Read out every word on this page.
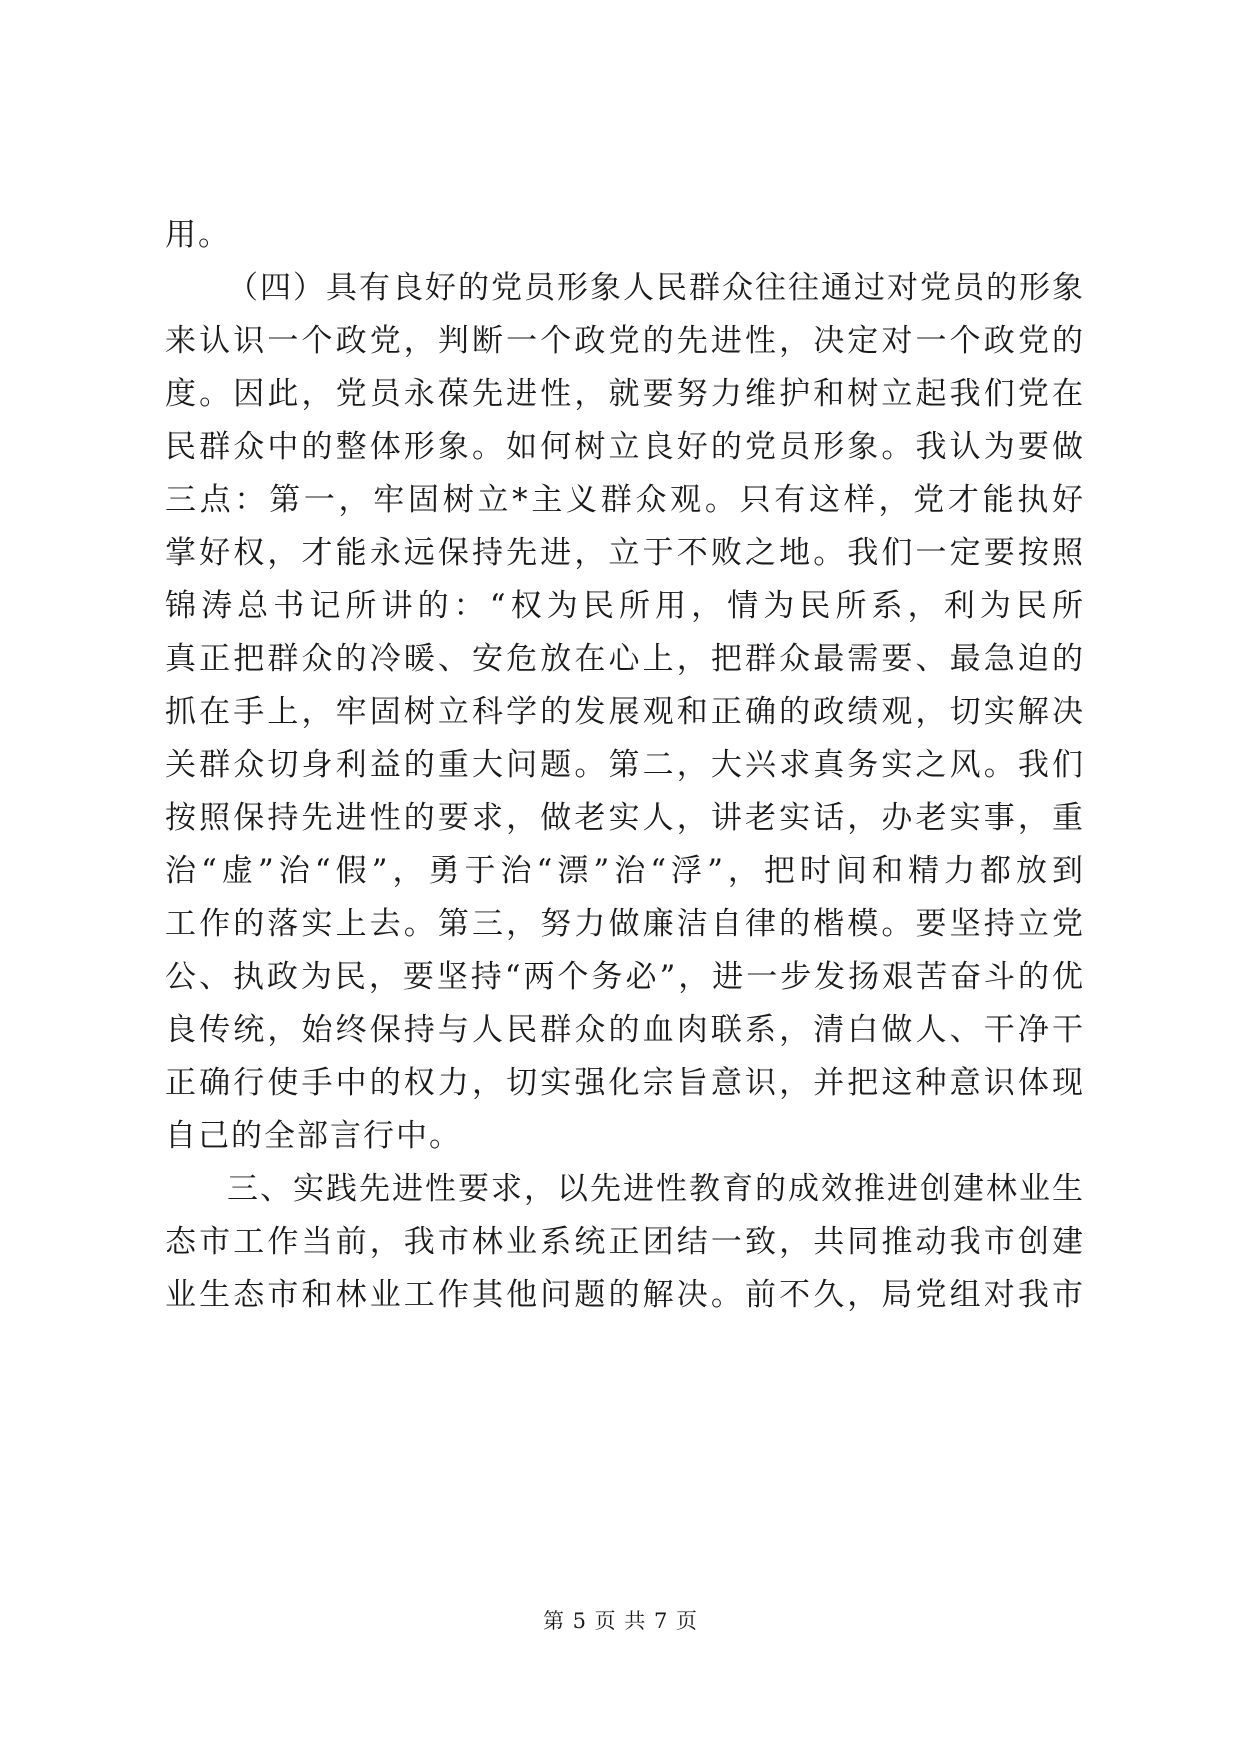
用。
（四）具有良好的党员形象人民群众往往通过对党员的形象
来认识一个政党，判断一个政党的先进性，决定对一个政党的
度。因此，党员永葆先进性，就要努力维护和树立起我们党在
民群众中的整体形象。如何树立良好的党员形象。我认为要做
三点：第一，牢固树立*主义群众观。只有这样，党才能执好
掌好权，才能永远保持先进，立于不败之地。我们一定要按照
锦涛总书记所讲的：“权为民所用，情为民所系，利为民所
真正把群众的冷暖、安危放在心上，把群众最需要、最急迫的
抓在手上，牢固树立科学的发展观和正确的政绩观，切实解决
关群众切身利益的重大问题。第二，大兴求真务实之风。我们
按照保持先进性的要求，做老实人，讲老实话，办老实事，重
治“虚”治“假”，勇于治“漂”治“浮”，把时间和精力都放到
工作的落实上去。第三，努力做廉洁自律的楷模。要坚持立党
公、执政为民，要坚持“两个务必”，进一步发扬艰苦奋斗的优
良传统，始终保持与人民群众的血肉联系，清白做人、干净干
正确行使手中的权力，切实强化宗旨意识，并把这种意识体现
自己的全部言行中。
三、实践先进性要求，以先进性教育的成效推进创建林业生
态市工作当前，我市林业系统正团结一致，共同推动我市创建
业生态市和林业工作其他问题的解决。前不久，局党组对我市
第 5 页 共 7 页
